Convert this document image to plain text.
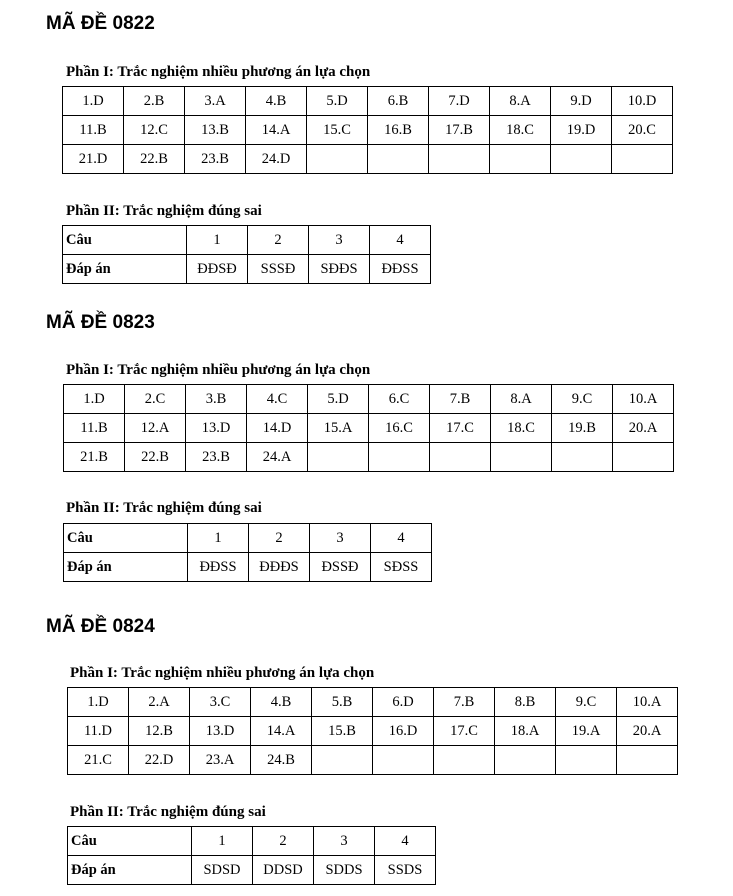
MÃ ĐỀ 0822
Phần I: Trắc nghiệm nhiều phương án lựa chọn
1.D	2.B	3.A	4.B	5.D	6.B	7.D	8.A	9.D	10.D
11.B	12.C	13.B	14.A	15.C	16.B	17.B	18.C	19.D	20.C
21.D	22.B	23.B	24.D						
Phần II: Trắc nghiệm đúng sai
Câu	1	2	3	4
Đáp án	ĐĐSĐ	SSSĐ	SĐĐS	ĐĐSS
MÃ ĐỀ 0823
Phần I: Trắc nghiệm nhiều phương án lựa chọn
1.D	2.C	3.B	4.C	5.D	6.C	7.B	8.A	9.C	10.A
11.B	12.A	13.D	14.D	15.A	16.C	17.C	18.C	19.B	20.A
21.B	22.B	23.B	24.A						
Phần II: Trắc nghiệm đúng sai
Câu	1	2	3	4
Đáp án	ĐĐSS	ĐĐĐS	ĐSSĐ	SĐSS
MÃ ĐỀ 0824
Phần I: Trắc nghiệm nhiều phương án lựa chọn
1.D	2.A	3.C	4.B	5.B	6.D	7.B	8.B	9.C	10.A
11.D	12.B	13.D	14.A	15.B	16.D	17.C	18.A	19.A	20.A
21.C	22.D	23.A	24.B						
Phần II: Trắc nghiệm đúng sai
Câu	1	2	3	4
Đáp án	SDSD	DDSD	SDDS	SSDS
